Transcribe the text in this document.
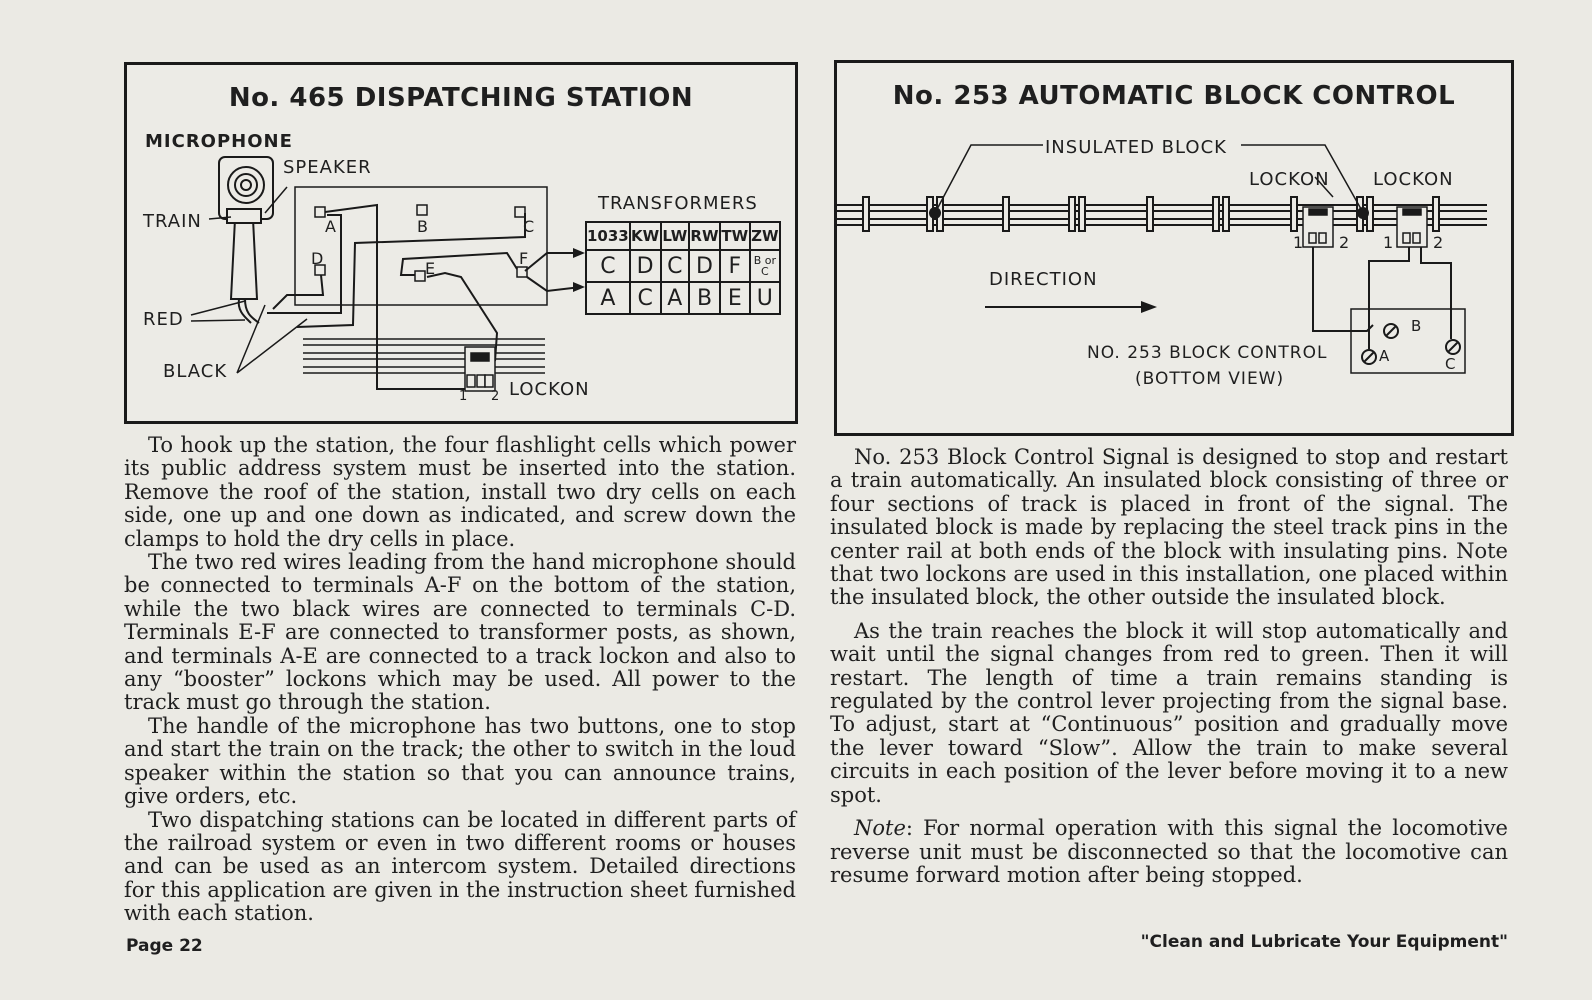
No. 465 DISPATCHING STATION
MICROPHONE
SPEAKER
TRAIN
RED
BLACK
TRANSFORMERS
LOCKON
A	B	C
D
E
F
1 2
1033	KW	LW	RW	TW	ZW
C	D	C	D	F	B or C
A	C	A	B	E	U
No. 253 AUTOMATIC BLOCK CONTROL
INSULATED BLOCK
LOCKON LOCKON
DIRECTION
NO. 253 BLOCK CONTROL
(BOTTOM VIEW)
A
B
C
1 2 1 2

To hook up the station, the four flashlight cells which power its public address system must be inserted into the station. Remove the roof of the station, install two dry cells on each side, one up and one down as indicated, and screw down the clamps to hold the dry cells in place.

The two red wires leading from the hand microphone should be connected to terminals A-F on the bottom of the station, while the two black wires are connected to terminals C-D. Terminals E-F are connected to transformer posts, as shown, and terminals A-E are connected to a track lockon and also to any “booster” lockons which may be used. All power to the track must go through the station.

The handle of the microphone has two buttons, one to stop and start the train on the track; the other to switch in the loud speaker within the station so that you can announce trains, give orders, etc.

Two dispatching stations can be located in different parts of the railroad system or even in two different rooms or houses and can be used as an intercom system. Detailed directions for this application are given in the instruction sheet furnished with each station.

No. 253 Block Control Signal is designed to stop and restart a train automatically. An insulated block consisting of three or four sections of track is placed in front of the signal. The insulated block is made by replacing the steel track pins in the center rail at both ends of the block with insulating pins. Note that two lockons are used in this installation, one placed within the insulated block, the other outside the insulated block.

As the train reaches the block it will stop automatically and wait until the signal changes from red to green. Then it will restart. The length of time a train remains standing is regulated by the control lever projecting from the signal base. To adjust, start at “Continuous” position and gradually move the lever toward “Slow”. Allow the train to make several circuits in each position of the lever before moving it to a new spot.

Note: For normal operation with this signal the locomotive reverse unit must be disconnected so that the locomotive can resume forward motion after being stopped.

Page 22	"Clean and Lubricate Your Equipment"
